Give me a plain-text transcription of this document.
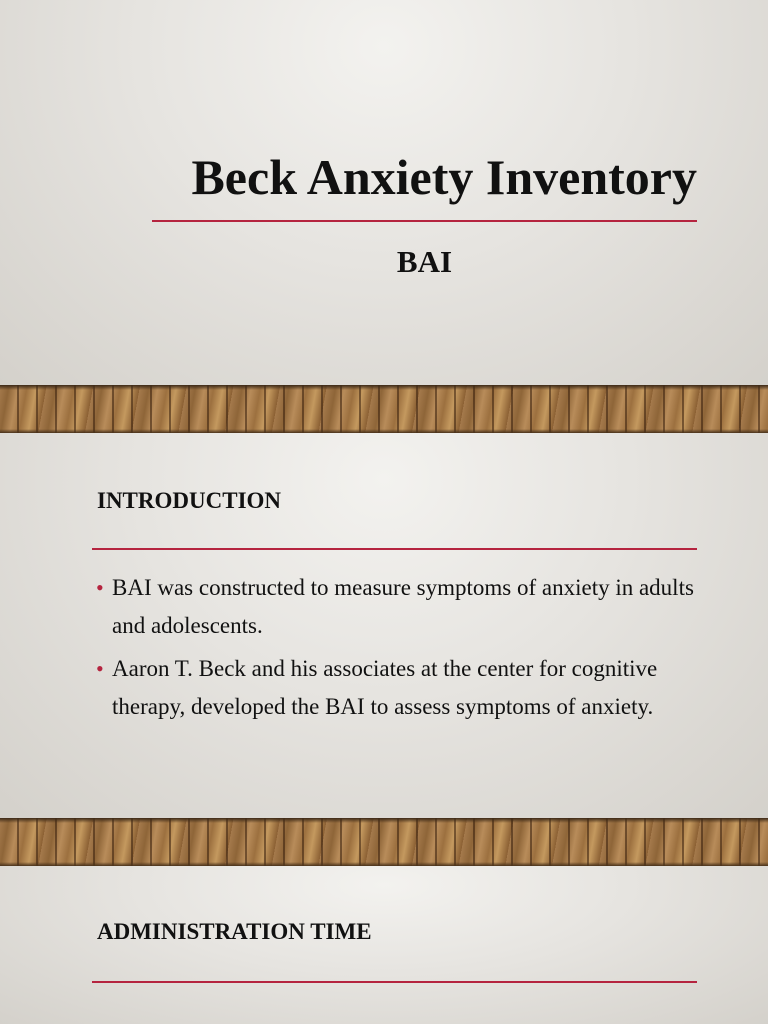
Beck Anxiety Inventory
BAI
INTRODUCTION
• BAI was constructed to measure symptoms of anxiety in adults and adolescents.
• Aaron T. Beck and his associates at the center for cognitive therapy, developed the BAI to assess symptoms of anxiety.
ADMINISTRATION TIME
